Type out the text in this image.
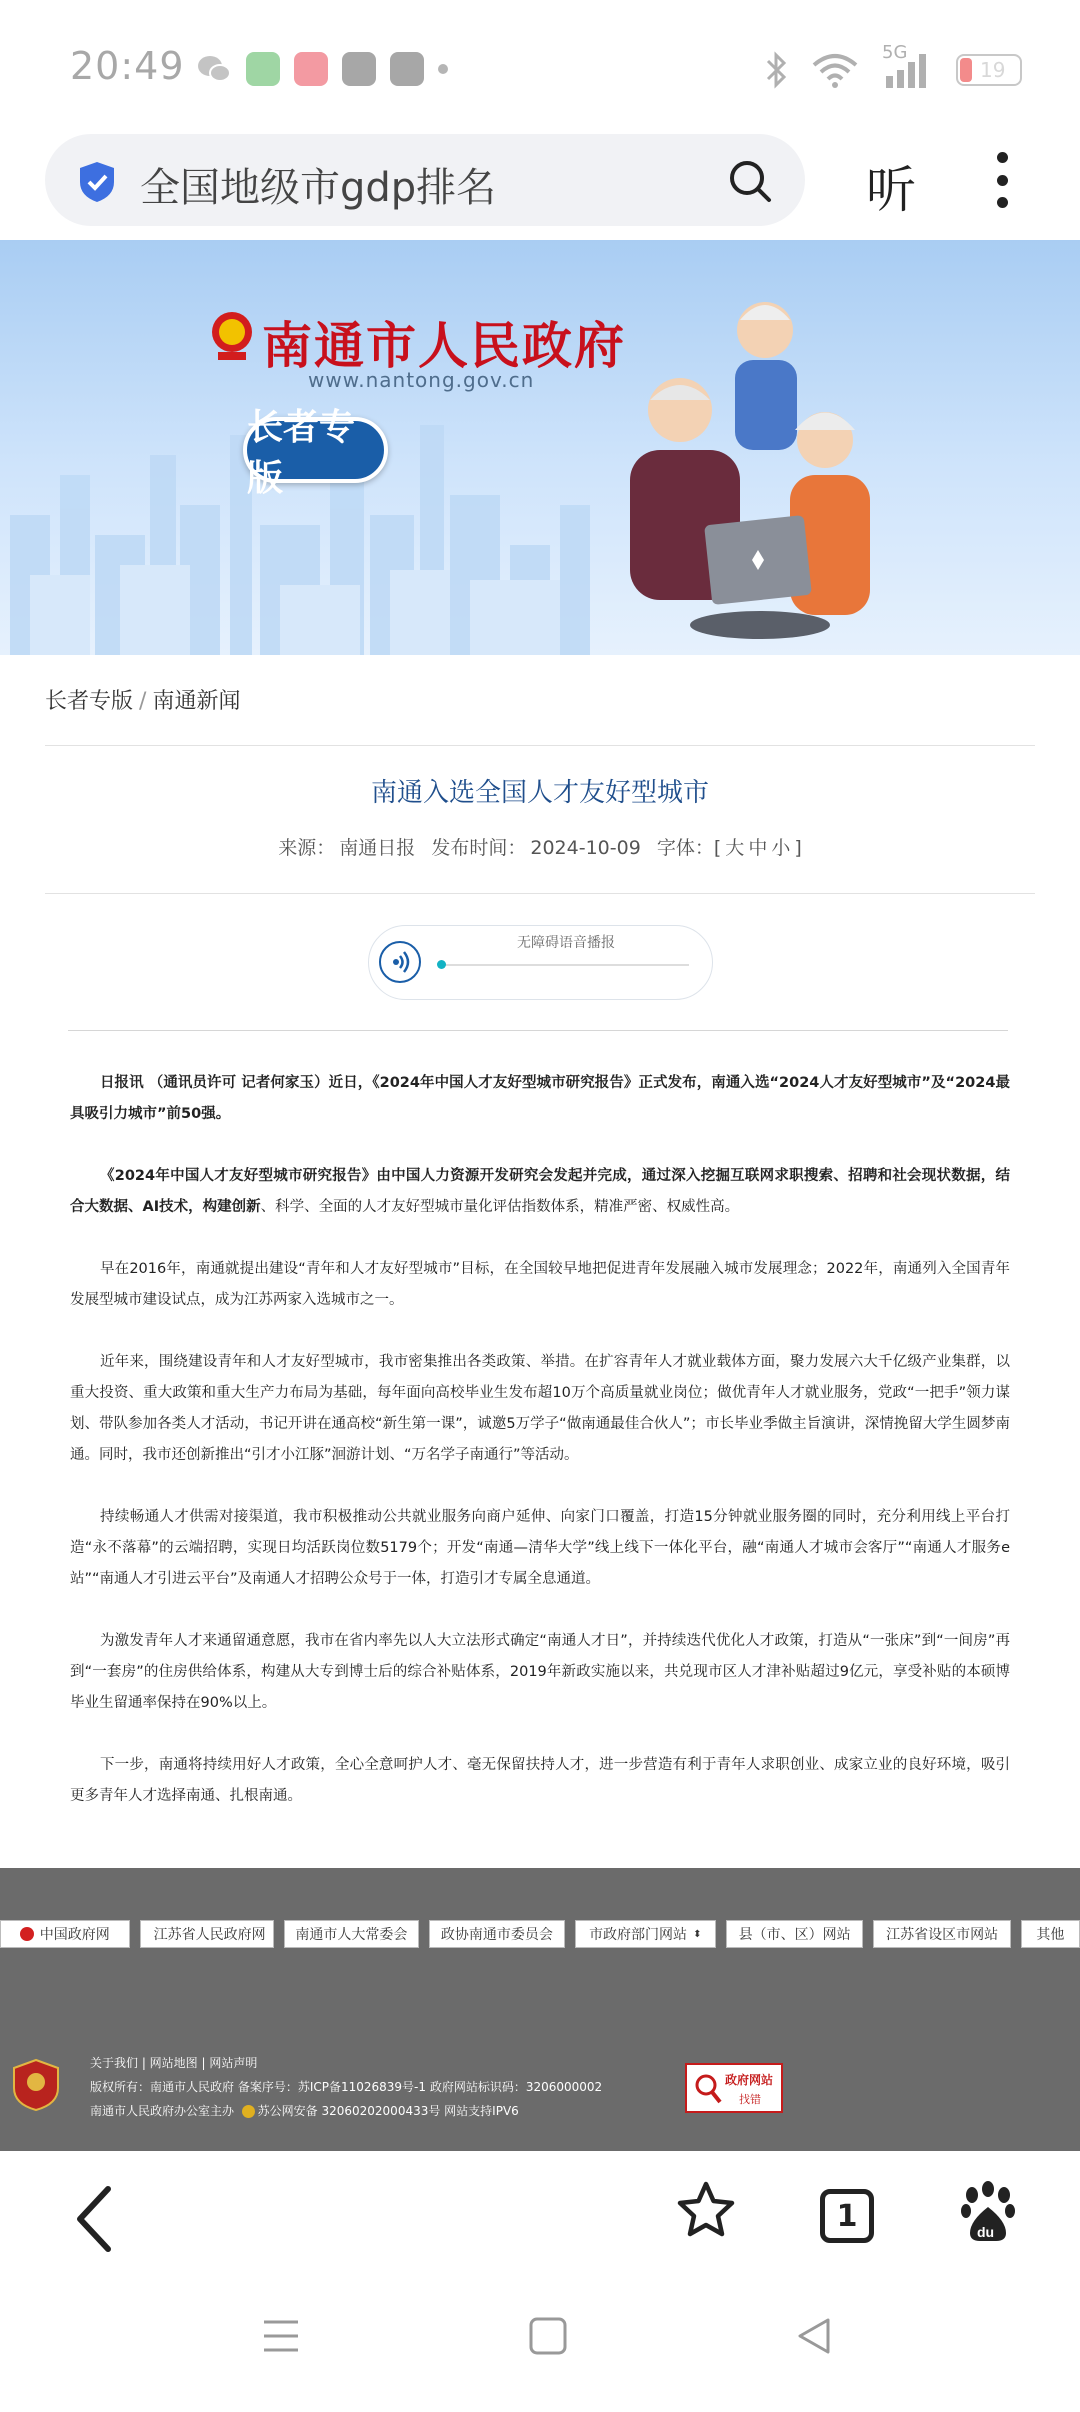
20:49	5G
19
全国地级市gdp排名	听
南通市人民政府
www.nantong.gov.cn
长者专版
长者专版 / 南通新闻
南通入选全国人才友好型城市
来源： 南通日报 发布时间： 2024-10-09 字体：[ 大 中 小 ]
无障碍语音播报

日报讯 （通讯员许可 记者何家玉）近日，《2024年中国人才友好型城市研究报告》正式发布，南通入选“2024人才友好型城市”及“2024最具吸引力城市”前50强。

《2024年中国人才友好型城市研究报告》由中国人力资源开发研究会发起并完成，通过深入挖掘互联网求职搜索、招聘和社会现状数据，结合大数据、AI技术，构建创新、科学、全面的人才友好型城市量化评估指数体系，精准严密、权威性高。

早在2016年，南通就提出建设“青年和人才友好型城市”目标，在全国较早地把促进青年发展融入城市发展理念；2022年，南通列入全国青年发展型城市建设试点，成为江苏两家入选城市之一。

近年来，围绕建设青年和人才友好型城市，我市密集推出各类政策、举措。在扩容青年人才就业载体方面，聚力发展六大千亿级产业集群，以重大投资、重大政策和重大生产力布局为基础，每年面向高校毕业生发布超10万个高质量就业岗位；做优青年人才就业服务，党政“一把手”领力谋划、带队参加各类人才活动，书记开讲在通高校“新生第一课”，诚邀5万学子“做南通最佳合伙人”；市长毕业季做主旨演讲，深情挽留大学生圆梦南通。同时，我市还创新推出“引才小江豚”洄游计划、“万名学子南通行”等活动。

持续畅通人才供需对接渠道，我市积极推动公共就业服务向商户延伸、向家门口覆盖，打造15分钟就业服务圈的同时，充分利用线上平台打造“永不落幕”的云端招聘，实现日均活跃岗位数5179个；开发“南通—清华大学”线上线下一体化平台，融“南通人才城市会客厅”“南通人才服务e站”“南通人才引进云平台”及南通人才招聘公众号于一体，打造引才专属全息通道。

为激发青年人才来通留通意愿，我市在省内率先以人大立法形式确定“南通人才日”，并持续迭代优化人才政策，打造从“一张床”到“一间房”再到“一套房”的住房供给体系，构建从大专到博士后的综合补贴体系，2019年新政实施以来，共兑现市区人才津补贴超过9亿元，享受补贴的本硕博毕业生留通率保持在90%以上。

下一步，南通将持续用好人才政策，全心全意呵护人才、毫无保留扶持人才，进一步营造有利于青年人求职创业、成家立业的良好环境，吸引更多青年人才选择南通、扎根南通。

中国政府网	江苏省人民政府网 南通市人大常委会 政协南通市委员会	市政府部门网站 ⬍	县（市、区）网站	江苏省设区市网站	其他
关于我们 | 网站地图 | 网站声明
版权所有：南通市人民政府 备案序号：苏ICP备11026839号-1 政府网站标识码：3206000002
南通市人民政府办公室主办 苏公网安备 32060202000433号 网站支持IPV6
政府网站
找错
1	du
